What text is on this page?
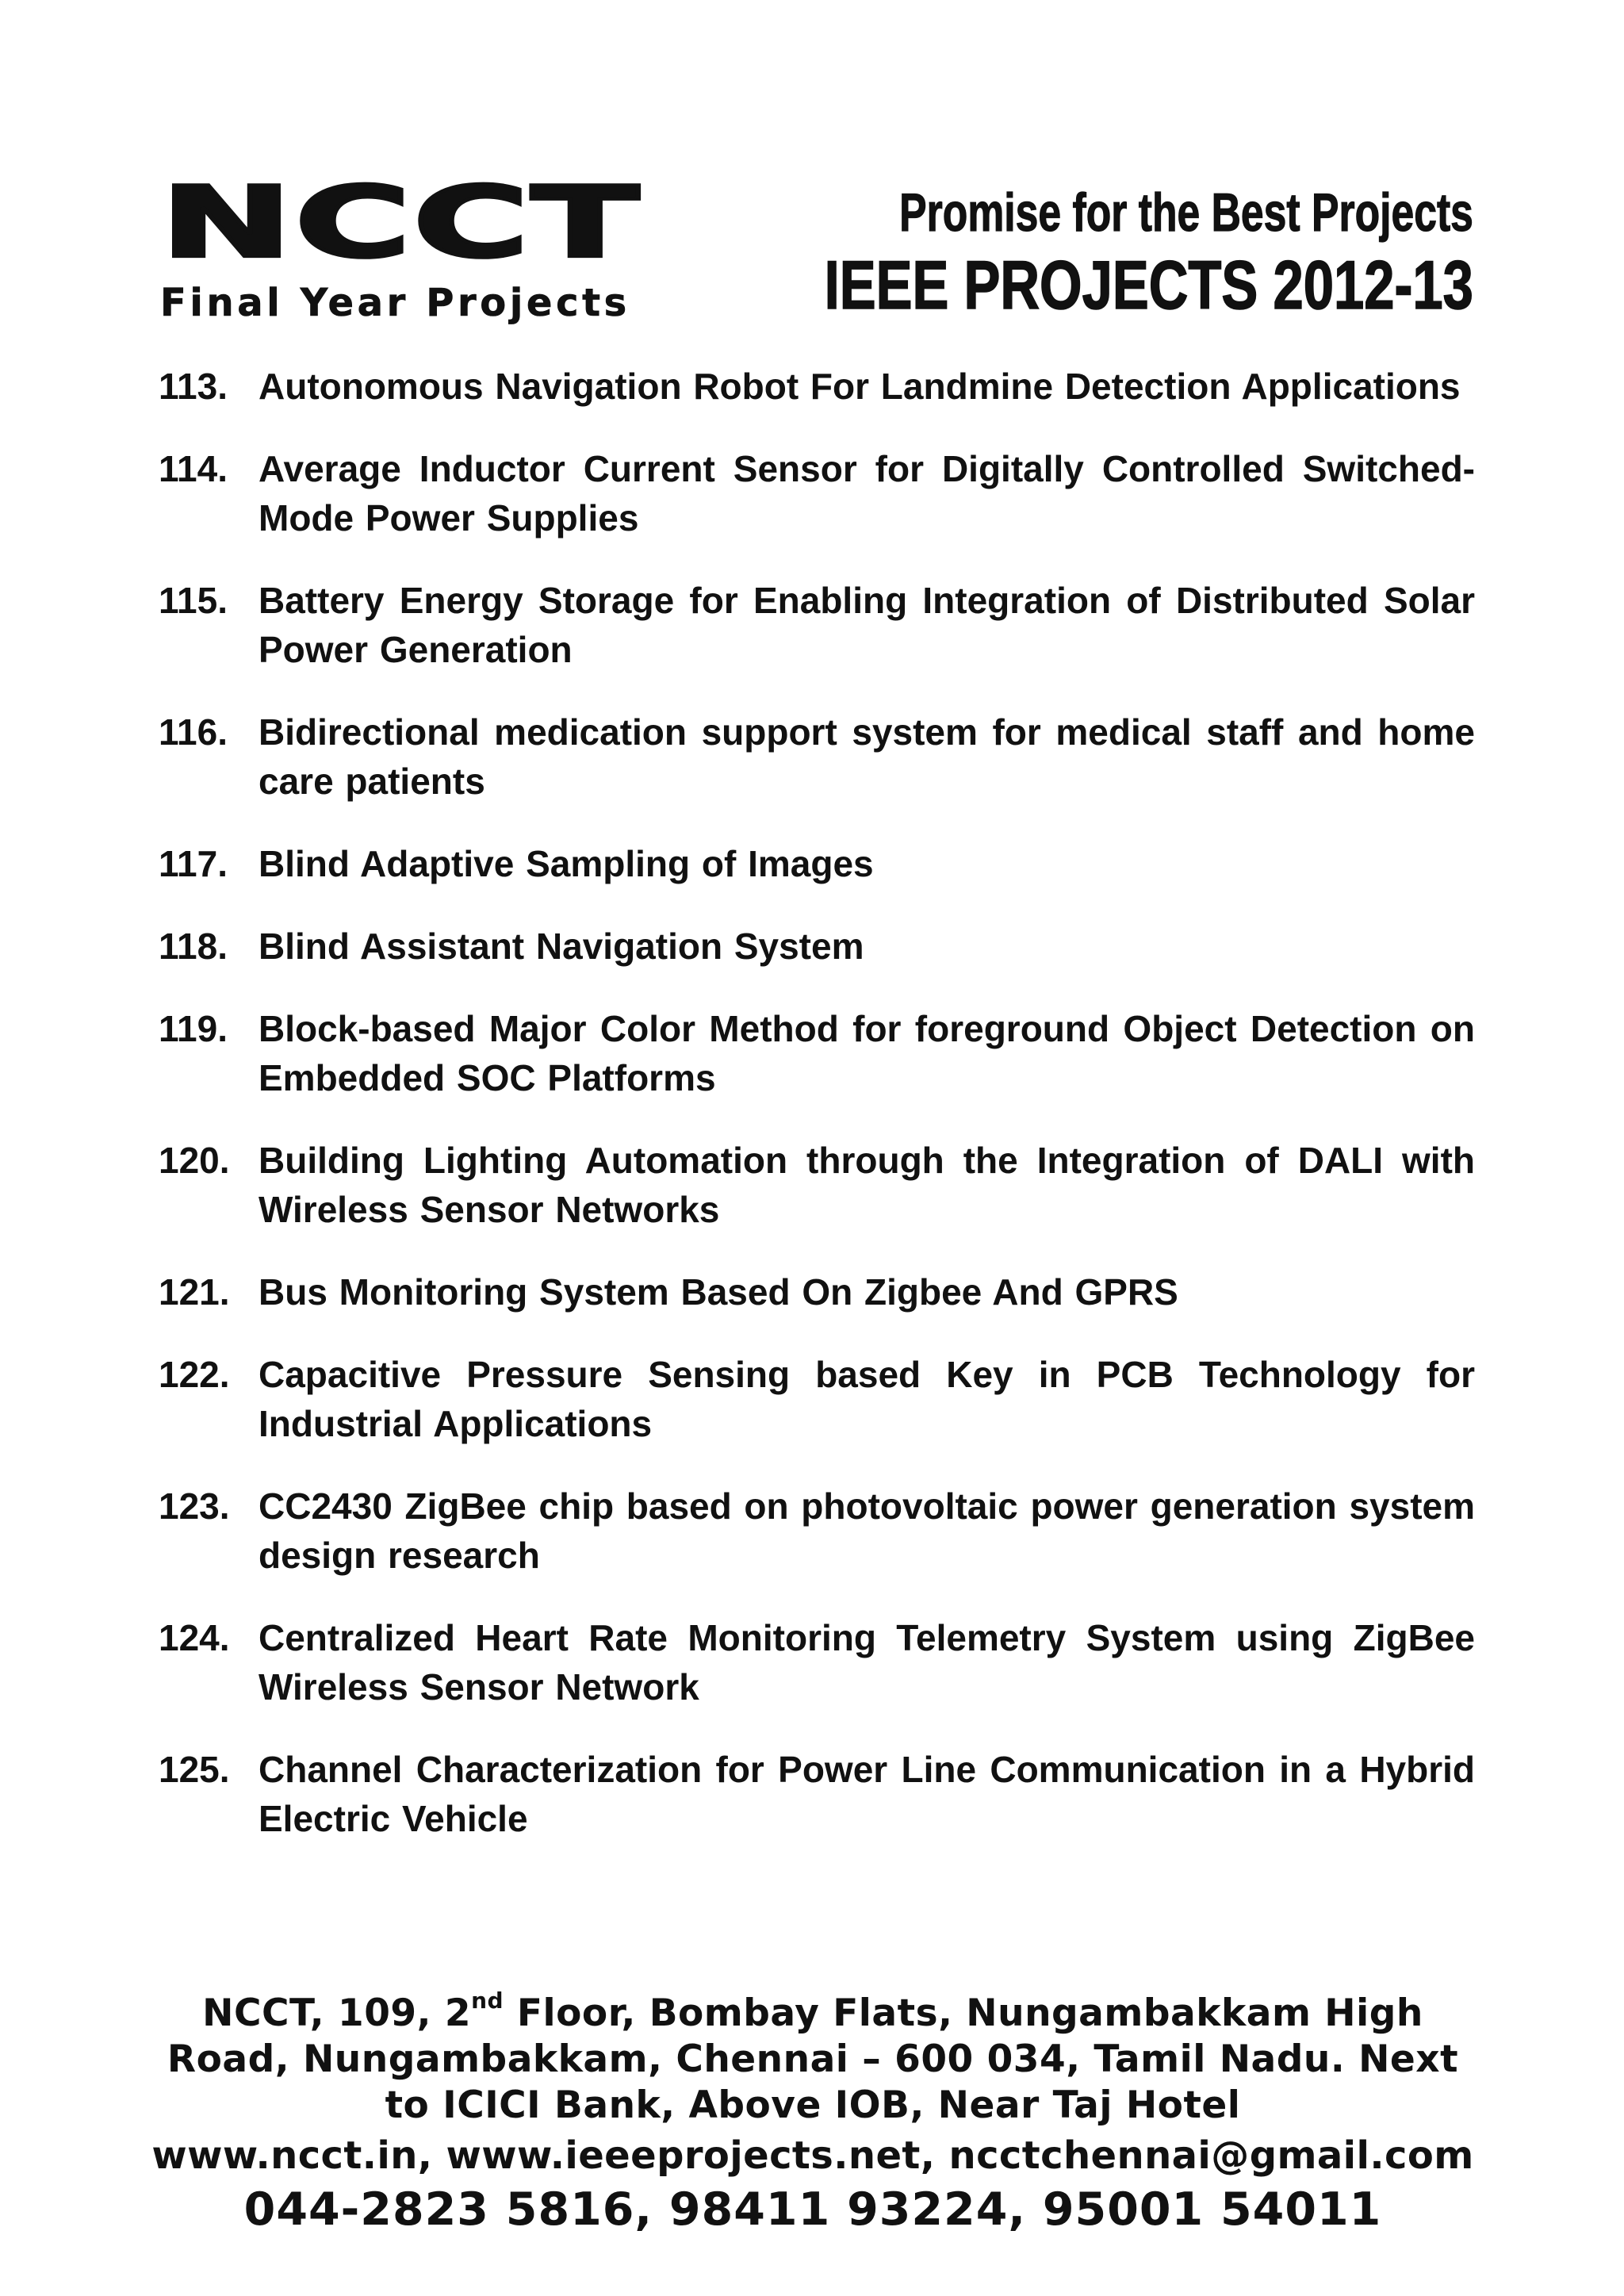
NCCT
Final Year Projects
Promise for the Best Projects
IEEE PROJECTS 2012-13
113. Autonomous Navigation Robot For Landmine Detection Applications
114. Average Inductor Current Sensor for Digitally Controlled Switched-Mode Power Supplies
115. Battery Energy Storage for Enabling Integration of Distributed Solar Power Generation
116. Bidirectional medication support system for medical staff and home care patients
117. Blind Adaptive Sampling of Images
118. Blind Assistant Navigation System
119. Block-based Major Color Method for foreground Object Detection on Embedded SOC Platforms
120. Building Lighting Automation through the Integration of DALI with Wireless Sensor Networks
121. Bus Monitoring System Based On Zigbee And GPRS
122. Capacitive Pressure Sensing based Key in PCB Technology for Industrial Applications
123. CC2430 ZigBee chip based on photovoltaic power generation system design research
124. Centralized Heart Rate Monitoring Telemetry System using ZigBee Wireless Sensor Network
125. Channel Characterization for Power Line Communication in a Hybrid Electric Vehicle
NCCT, 109, 2nd Floor, Bombay Flats, Nungambakkam High
Road, Nungambakkam, Chennai – 600 034, Tamil Nadu. Next
to ICICI Bank, Above IOB, Near Taj Hotel
www.ncct.in, www.ieeeprojects.net, ncctchennai@gmail.com
044-2823 5816, 98411 93224, 95001 54011
